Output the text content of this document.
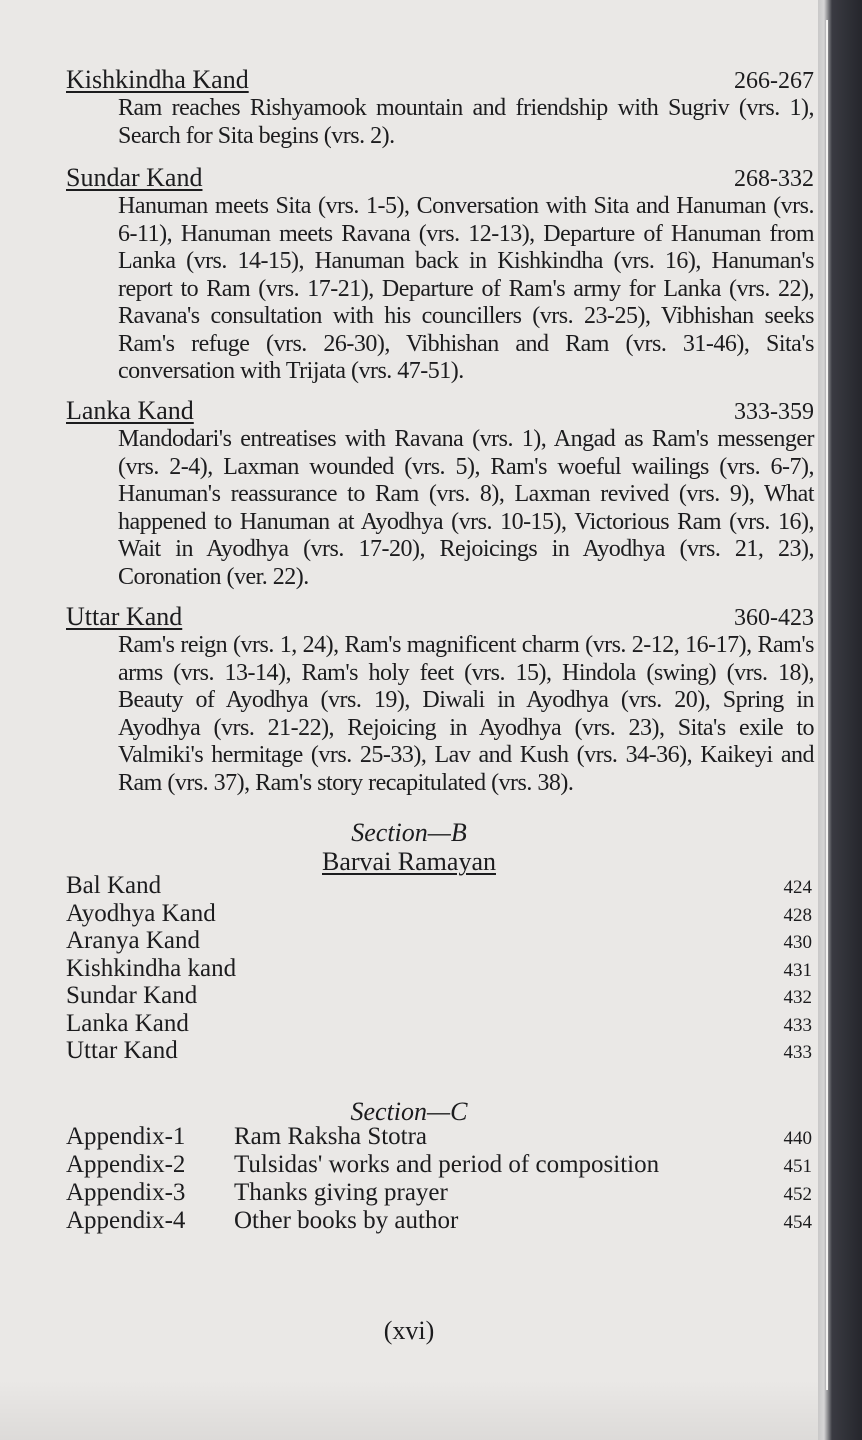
Kishkindha Kand	266-267
Ram reaches Rishyamook mountain and friendship with Sugriv (vrs. 1), Search for Sita begins (vrs. 2).
Sundar Kand	268-332
Hanuman meets Sita (vrs. 1-5), Conversation with Sita and Hanuman (vrs. 6-11), Hanuman meets Ravana (vrs. 12-13), Departure of Hanuman from Lanka (vrs. 14-15), Hanuman back in Kishkindha (vrs. 16), Hanuman's report to Ram (vrs. 17-21), Departure of Ram's army for Lanka (vrs. 22), Ravana's consultation with his councillers (vrs. 23-25), Vibhishan seeks Ram's refuge (vrs. 26-30), Vibhishan and Ram (vrs. 31-46), Sita's conversation with Trijata (vrs. 47-51).
Lanka Kand	333-359
Mandodari's entreatises with Ravana (vrs. 1), Angad as Ram's messenger (vrs. 2-4), Laxman wounded (vrs. 5), Ram's woeful wailings (vrs. 6-7), Hanuman's reassurance to Ram (vrs. 8), Laxman revived (vrs. 9), What happened to Hanuman at Ayodhya (vrs. 10-15), Victorious Ram (vrs. 16), Wait in Ayodhya (vrs. 17-20), Rejoicings in Ayodhya (vrs. 21, 23), Coronation (ver. 22).
Uttar Kand	360-423
Ram's reign (vrs. 1, 24), Ram's magnificent charm (vrs. 2-12, 16-17), Ram's arms (vrs. 13-14), Ram's holy feet (vrs. 15), Hindola (swing) (vrs. 18), Beauty of Ayodhya (vrs. 19), Diwali in Ayodhya (vrs. 20), Spring in Ayodhya (vrs. 21-22), Rejoicing in Ayodhya (vrs. 23), Sita's exile to Valmiki's hermitage (vrs. 25-33), Lav and Kush (vrs. 34-36), Kaikeyi and Ram (vrs. 37), Ram's story recapitulated (vrs. 38).
Section—B
Barvai Ramayan
Bal Kand	424
Ayodhya Kand	428
Aranya Kand	430
Kishkindha kand	431
Sundar Kand	432
Lanka Kand	433
Uttar Kand	433
Section—C
Appendix-1	Ram Raksha Stotra	440
Appendix-2	Tulsidas' works and period of composition	451
Appendix-3	Thanks giving prayer	452
Appendix-4	Other books by author	454
(xvi)
